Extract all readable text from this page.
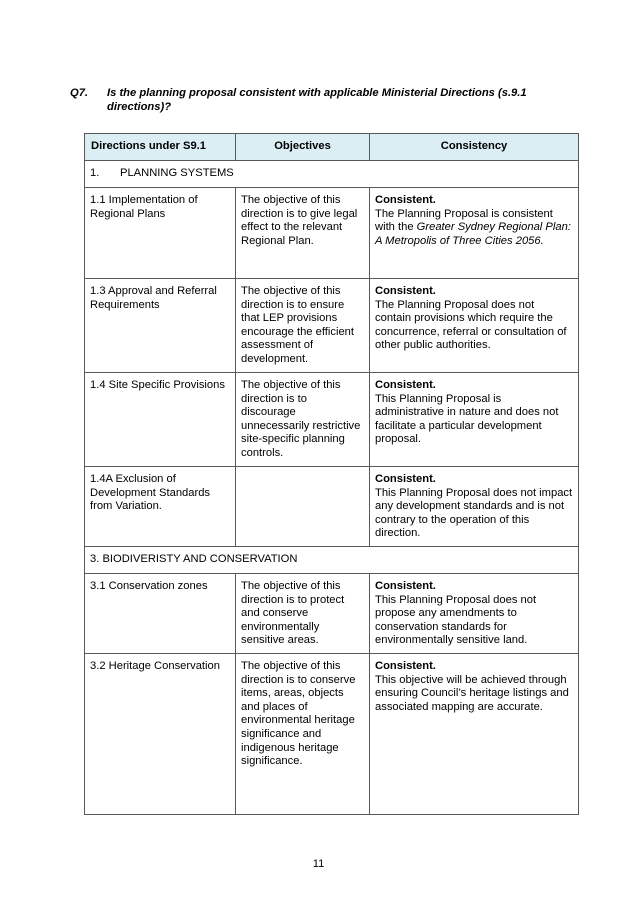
Q7. Is the planning proposal consistent with applicable Ministerial Directions (s.9.1 directions)?
Directions under S9.1	Objectives	Consistency
1. PLANNING SYSTEMS		
1.1 Implementation of Regional Plans	The objective of this direction is to give legal effect to the relevant Regional Plan.	Consistent.
The Planning Proposal is consistent with the Greater Sydney Regional Plan: A Metropolis of Three Cities 2056.
1.3 Approval and Referral Requirements	The objective of this direction is to ensure that LEP provisions encourage the efficient assessment of development.	Consistent.
The Planning Proposal does not contain provisions which require the concurrence, referral or consultation of other public authorities.
1.4 Site Specific Provisions	The objective of this direction is to discourage unnecessarily restrictive site-specific planning controls.	Consistent.
This Planning Proposal is administrative in nature and does not facilitate a particular development proposal.
1.4A Exclusion of Development Standards from Variation.		Consistent.
This Planning Proposal does not impact any development standards and is not contrary to the operation of this direction.
3. BIODIVERISTY AND CONSERVATION		
3.1 Conservation zones	The objective of this direction is to protect and conserve environmentally sensitive areas.	Consistent.
This Planning Proposal does not propose any amendments to conservation standards for environmentally sensitive land.
3.2 Heritage Conservation	The objective of this direction is to conserve items, areas, objects and places of environmental heritage significance and indigenous heritage significance.	Consistent.
This objective will be achieved through ensuring Council’s heritage listings and associated mapping are accurate.
11
